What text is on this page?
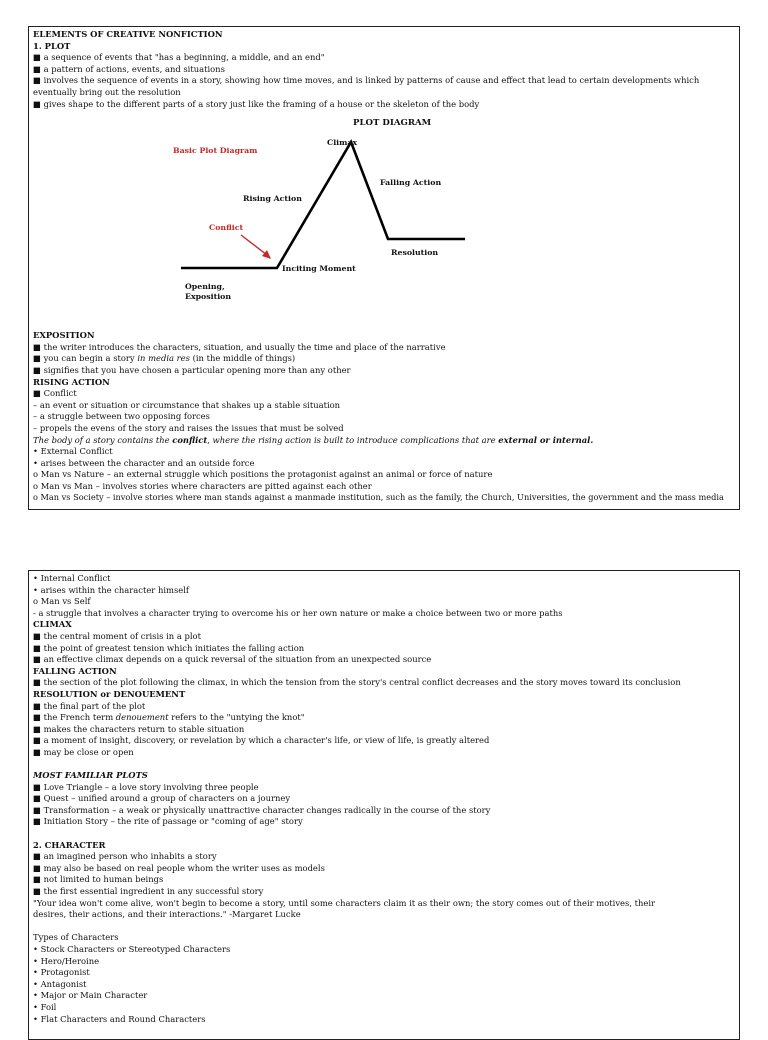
ELEMENTS OF CREATIVE NONFICTION
1. PLOT
■ a sequence of events that "has a beginning, a middle, and an end"
■ a pattern of actions, events, and situations
■ involves the sequence of events in a story, showing how time moves, and is linked by patterns of cause and effect that lead to certain developments which
eventually bring out the resolution
■ gives shape to the different parts of a story just like the framing of a house or the skeleton of the body
PLOT DIAGRAM
Basic Plot Diagram
Climax
Falling Action
Rising Action
Conflict
Resolution
Inciting Moment
Opening,
Exposition
EXPOSITION
■ the writer introduces the characters, situation, and usually the time and place of the narrative
■ you can begin a story in media res (in the middle of things)
■ signifies that you have chosen a particular opening more than any other
RISING ACTION
■ Conflict
– an event or situation or circumstance that shakes up a stable situation
– a struggle between two opposing forces
– propels the evens of the story and raises the issues that must be solved
The body of a story contains the conflict, where the rising action is built to introduce complications that are external or internal.
• External Conflict
• arises between the character and an outside force
o Man vs Nature – an external struggle which positions the protagonist against an animal or force of nature
o Man vs Man – involves stories where characters are pitted against each other
o Man vs Society – involve stories where man stands against a manmade institution, such as the family, the Church, Universities, the government and the mass media
• Internal Conflict
• arises within the character himself
o Man vs Self
- a struggle that involves a character trying to overcome his or her own nature or make a choice between two or more paths
CLIMAX
■ the central moment of crisis in a plot
■ the point of greatest tension which initiates the falling action
■ an effective climax depends on a quick reversal of the situation from an unexpected source
FALLING ACTION
■ the section of the plot following the climax, in which the tension from the story's central conflict decreases and the story moves toward its conclusion
RESOLUTION or DENOUEMENT
■ the final part of the plot
■ the French term denouement refers to the "untying the knot"
■ makes the characters return to stable situation
■ a moment of insight, discovery, or revelation by which a character's life, or view of life, is greatly altered
■ may be close or open
MOST FAMILIAR PLOTS
■ Love Triangle – a love story involving three people
■ Quest – unified around a group of characters on a journey
■ Transformation – a weak or physically unattractive character changes radically in the course of the story
■ Initiation Story – the rite of passage or "coming of age" story
2. CHARACTER
■ an imagined person who inhabits a story
■ may also be based on real people whom the writer uses as models
■ not limited to human beings
■ the first essential ingredient in any successful story
"Your idea won't come alive, won't begin to become a story, until some characters claim it as their own; the story comes out of their motives, their
desires, their actions, and their interactions." -Margaret Lucke
Types of Characters
• Stock Characters or Stereotyped Characters
• Hero/Heroine
• Protagonist
• Antagonist
• Major or Main Character
• Foil
• Flat Characters and Round Characters
